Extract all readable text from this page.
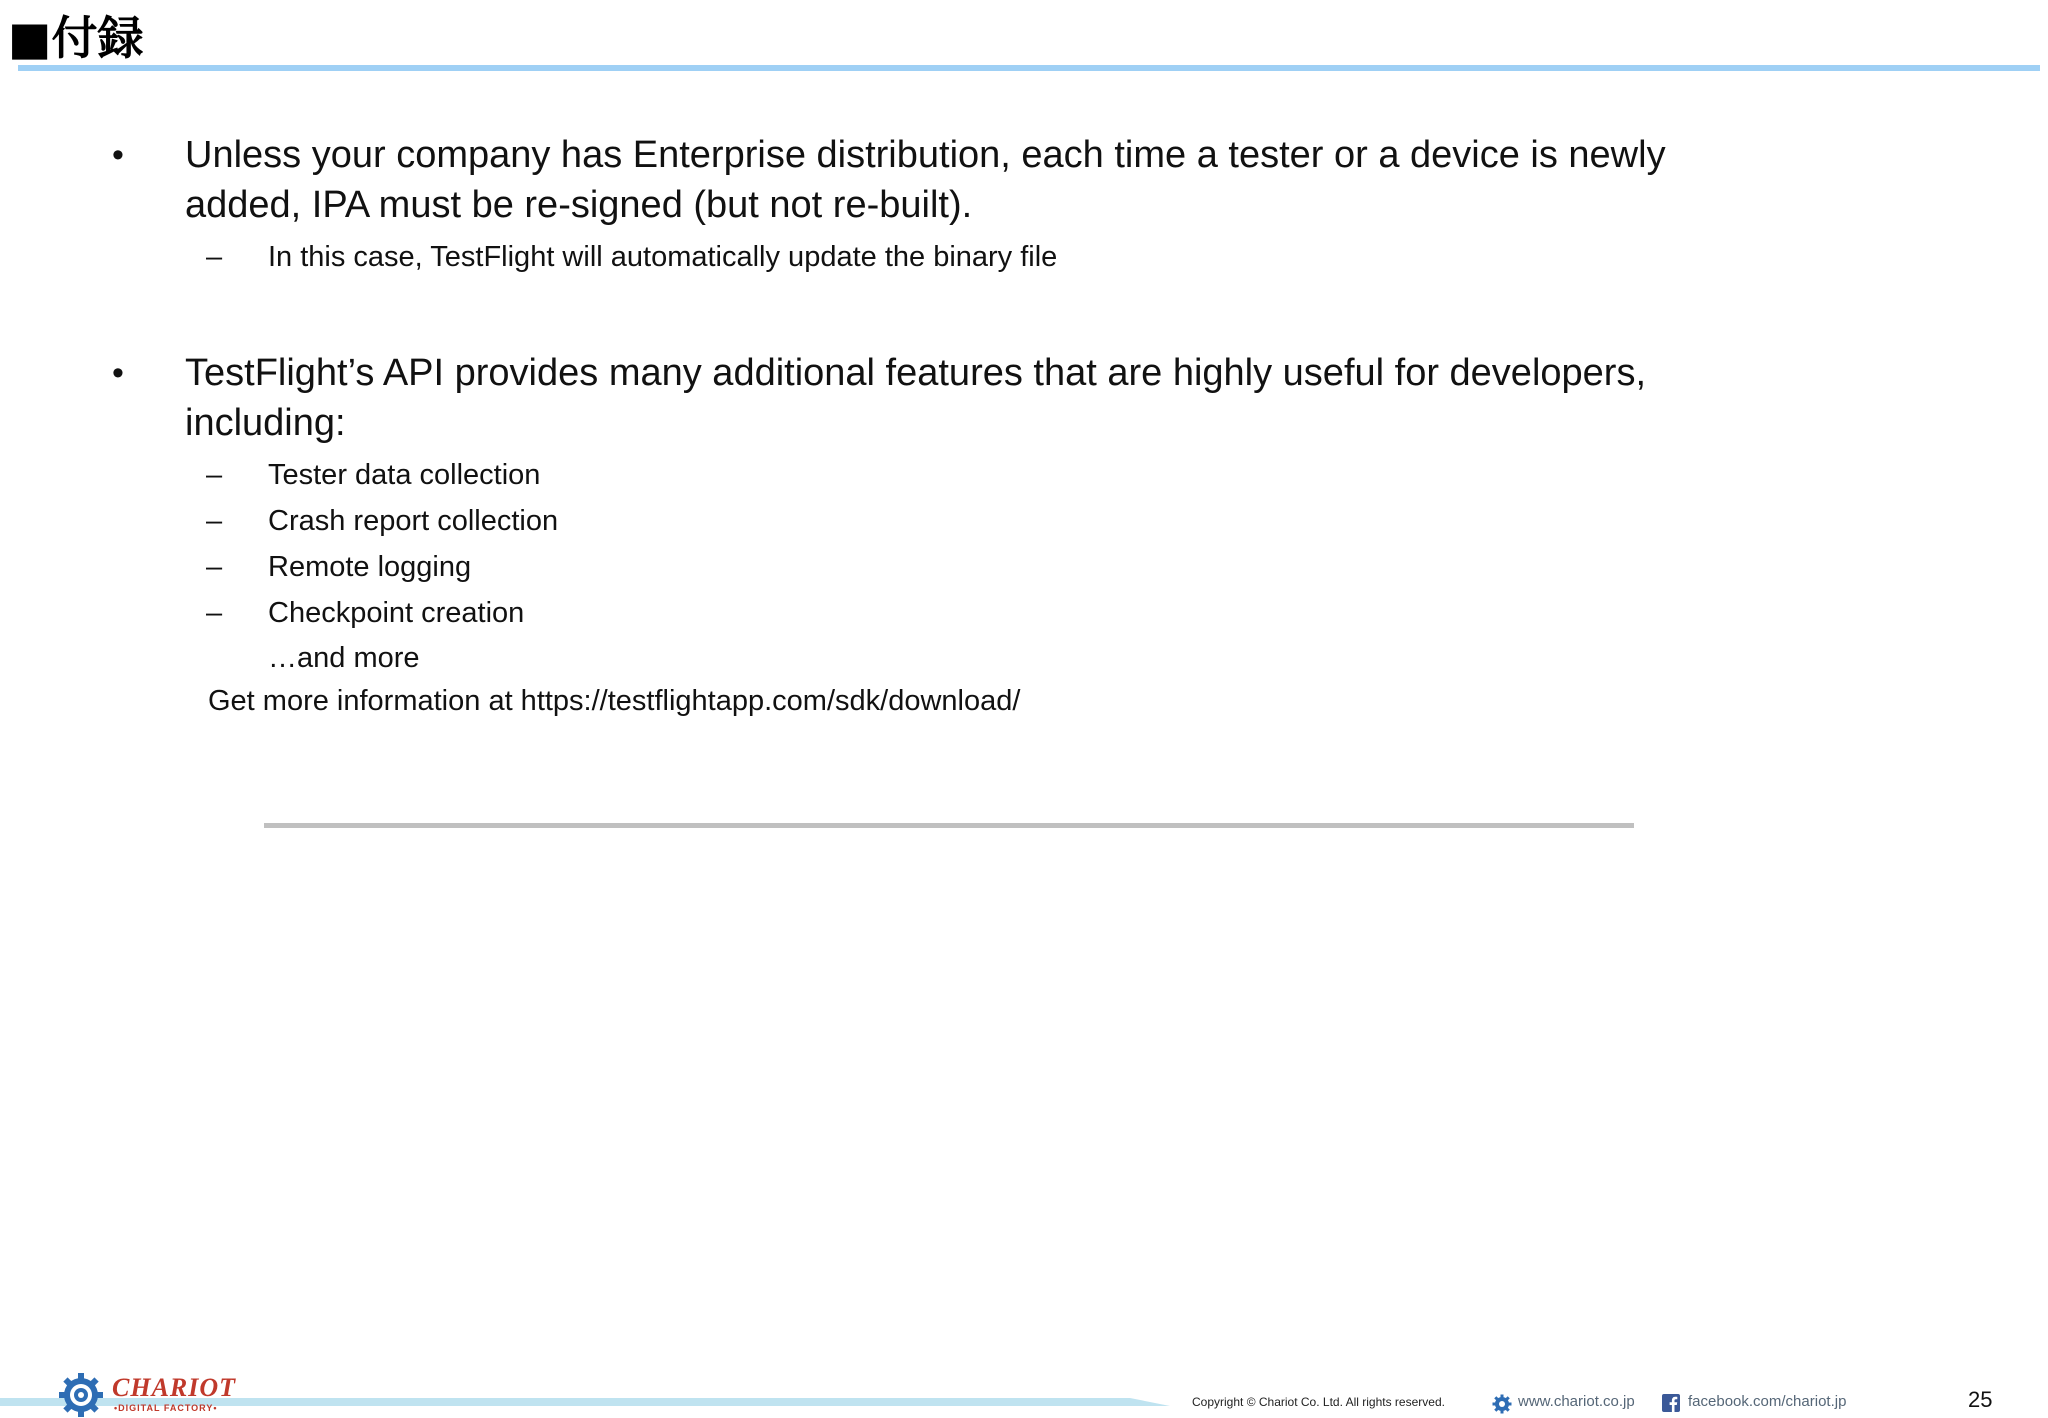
■付録
• Unless your company has Enterprise distribution, each time a tester or a device is newly added, IPA must be re-signed (but not re-built).
– In this case, TestFlight will automatically update the binary file
• TestFlight’s API provides many additional features that are highly useful for developers, including:
– Tester data collection
– Crash report collection
– Remote logging
– Checkpoint creation
…and more
Get more information at https://testflightapp.com/sdk/download/
CHARIOT
•DIGITAL FACTORY•	Copyright © Chariot Co. Ltd. All rights reserved.	www.chariot.co.jp	facebook.com/chariot.jp	25
